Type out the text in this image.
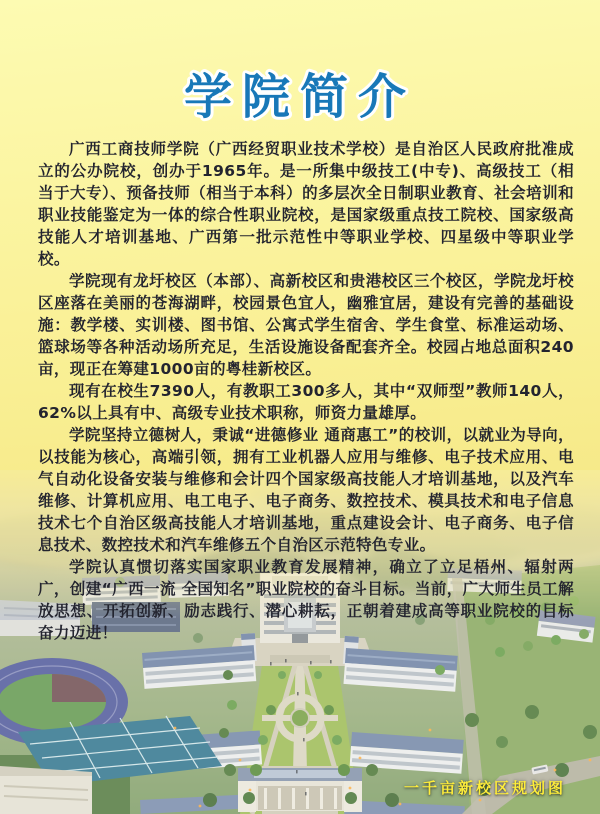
学院简介
一千亩新校区规划图

广西工商技师学院（广西经贸职业技术学校）是自治区人民政府批准成立的公办院校，创办于1965年。是一所集中级技工(中专)、高级技工（相当于大专）、预备技师（相当于本科）的多层次全日制职业教育、社会培训和职业技能鉴定为一体的综合性职业院校，是国家级重点技工院校、国家级高技能人才培训基地、广西第一批示范性中等职业学校、四星级中等职业学校。

学院现有龙圩校区（本部）、高新校区和贵港校区三个校区，学院龙圩校区座落在美丽的苍海湖畔，校园景色宜人，幽雅宜居，建设有完善的基础设施：教学楼、实训楼、图书馆、公寓式学生宿舍、学生食堂、标准运动场、篮球场等各种活动场所充足，生活设施设备配套齐全。校园占地总面积240亩，现正在筹建1000亩的粤桂新校区。

现有在校生7390人，有教职工300多人，其中“双师型”教师140人，62%以上具有中、高级专业技术职称，师资力量雄厚。

学院坚持立德树人，秉诚“进德修业 通商惠工”的校训，以就业为导向，以技能为核心，高端引领，拥有工业机器人应用与维修、电子技术应用、电气自动化设备安装与维修和会计四个国家级高技能人才培训基地，以及汽车维修、计算机应用、电工电子、电子商务、数控技术、模具技术和电子信息技术七个自治区级高技能人才培训基地，重点建设会计、电子商务、电子信息技术、数控技术和汽车维修五个自治区示范特色专业。

学院认真惯切落实国家职业教育发展精神，确立了立足梧州、辐射两广，创建“广西一流 全国知名”职业院校的奋斗目标。当前，广大师生员工解放思想、开拓创新、励志践行、潜心耕耘，正朝着建成高等职业院校的目标奋力迈进！
